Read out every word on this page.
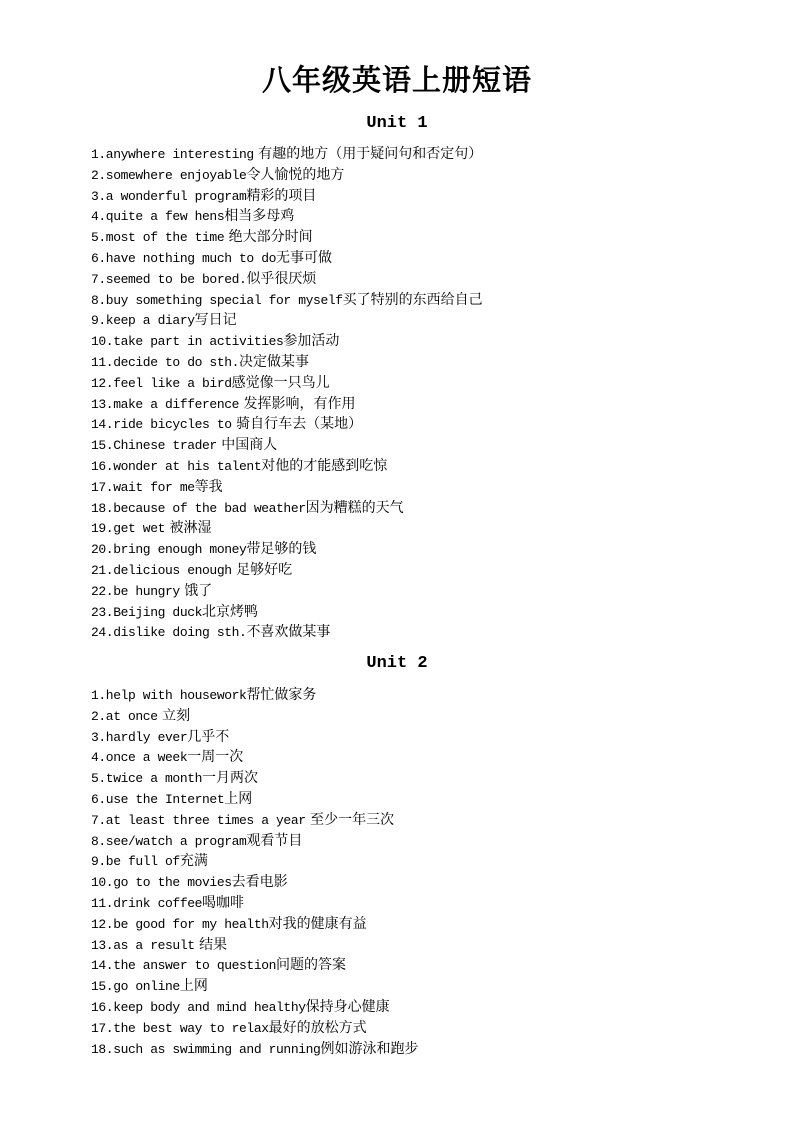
八年级英语上册短语
Unit 1
1.anywhere interesting 有趣的地方（用于疑问句和否定句）
2.somewhere enjoyable令人愉悦的地方
3.a wonderful program精彩的项目
4.quite a few hens相当多母鸡
5.most of the time 绝大部分时间
6.have nothing much to do无事可做
7.seemed to be bored.似乎很厌烦
8.buy something special for myself买了特别的东西给自己
9.keep a diary写日记
10.take part in activities参加活动
11.decide to do sth.决定做某事
12.feel like a bird感觉像一只鸟儿
13.make a difference 发挥影响，有作用
14.ride bicycles to 骑自行车去（某地）
15.Chinese trader 中国商人
16.wonder at his talent对他的才能感到吃惊
17.wait for me等我
18.because of the bad weather因为糟糕的天气
19.get wet 被淋湿
20.bring enough money带足够的钱
21.delicious enough 足够好吃
22.be hungry 饿了
23.Beijing duck北京烤鸭
24.dislike doing sth.不喜欢做某事
Unit 2
1.help with housework帮忙做家务
2.at once 立刻
3.hardly ever几乎不
4.once a week一周一次
5.twice a month一月两次
6.use the Internet上网
7.at least three times a year 至少一年三次
8.see/watch a program观看节目
9.be full of充满
10.go to the movies去看电影
11.drink coffee喝咖啡
12.be good for my health对我的健康有益
13.as a result 结果
14.the answer to question问题的答案
15.go online上网
16.keep body and mind healthy保持身心健康
17.the best way to relax最好的放松方式
18.such as swimming and running例如游泳和跑步
